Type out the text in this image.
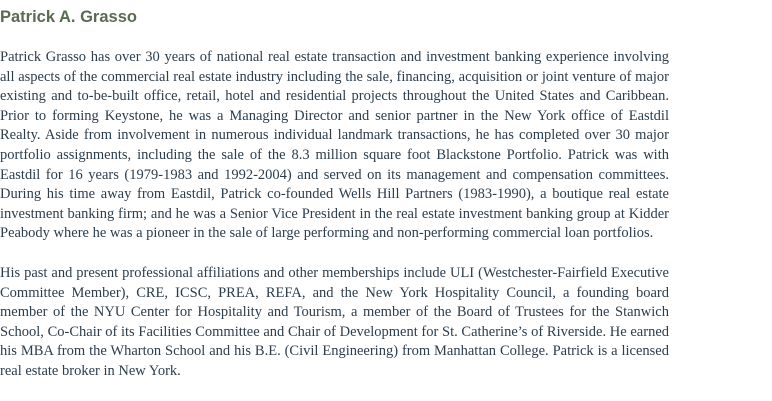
Patrick A. Grasso

Patrick Grasso has over 30 years of national real estate transaction and investment banking experience involving all aspects of the commercial real estate industry including the sale, financing, acquisition or joint venture of major existing and to-be-built office, retail, hotel and residential projects throughout the United States and Caribbean. Prior to forming Keystone, he was a Managing Director and senior partner in the New York office of Eastdil Realty. Aside from involvement in numerous individual landmark transactions, he has completed over 30 major portfolio assignments, including the sale of the 8.3 million square foot Blackstone Portfolio. Patrick was with Eastdil for 16 years (1979-1983 and 1992-2004) and served on its management and compensation committees. During his time away from Eastdil, Patrick co-founded Wells Hill Partners (1983-1990), a boutique real estate investment banking firm; and he was a Senior Vice President in the real estate investment banking group at Kidder Peabody where he was a pioneer in the sale of large performing and non-performing commercial loan portfolios.

His past and present professional affiliations and other memberships include ULI (Westchester-Fairfield Executive Committee Member), CRE, ICSC, PREA, REFA, and the New York Hospitality Council, a founding board member of the NYU Center for Hospitality and Tourism, a member of the Board of Trustees for the Stanwich School, Co-Chair of its Facilities Committee and Chair of Development for St. Catherine’s of Riverside. He earned his MBA from the Wharton School and his B.E. (Civil Engineering) from Manhattan College. Patrick is a licensed real estate broker in New York.
